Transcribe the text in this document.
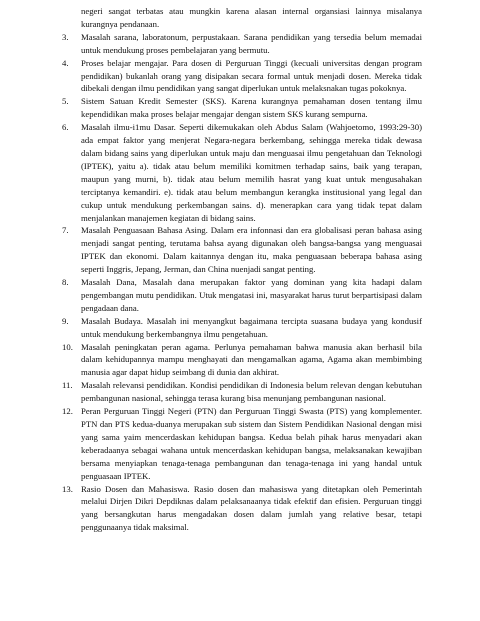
negeri sangat terbatas atau mungkin karena alasan internal organsiasi lainnya misalanya kurangnya pendanaan.
3. Masalah sarana, laboratonum, perpustakaan. Sarana pendidikan yang tersedia belum memadai untuk mendukung proses pembelajaran yang bermutu.
4. Proses belajar mengajar. Para dosen di Perguruan Tinggi (kecuali universitas dengan program pendidikan) bukanlah orang yang disipakan secara formal untuk menjadi dosen. Mereka tidak dibekali dengan ilmu pendidikan yang sangat diperlukan untuk melaksnakan tugas pokoknya.
5. Sistem Satuan Kredit Semester (SKS). Karena kurangnya pemahaman dosen tentang ilmu kependidikan maka proses belajar mengajar dengan sistem SKS kurang sempurna.
6. Masalah ilmu-i1mu Dasar. Seperti dikemukakan oleh Abdus Salam (Wahjoetomo, 1993:29-30) ada empat faktor yang menjerat Negara-negara berkembang, sehingga mereka tidak dewasa dalam bidang sains yang diperlukan untuk maju dan menguasai ilmu pengetahuan dan Teknologi (IPTEK), yaitu a). tidak atau belum memiliki komitmen terhadap sains, baik yang terapan, maupun yang murni, b). tidak atau belum memilih hasrat yang kuat untuk mengusahakan terciptanya kemandiri. e). tidak atau belum membangun kerangka institusional yang legal dan cukup untuk mendukung perkembangan sains. d). menerapkan cara yang tidak tepat dalam menjalankan manajemen kegiatan di bidang sains.
7. Masalah Penguasaan Bahasa Asing. Dalam era infonnasi dan era globalisasi peran bahasa asing menjadi sangat penting, terutama bahsa ayang digunakan oleh bangsa-bangsa yang menguasai IPTEK dan ekonomi. Dalam kaitannya dengan itu, maka penguasaan beberapa bahasa asing seperti Inggris, Jepang, Jerman, dan China nuenjadi sangat penting.
8. Masalah Dana, Masalah dana merupakan faktor yang dominan yang kita hadapi dalam pengembangan mutu pendidikan. Utuk mengatasi ini, masyarakat harus turut berpartisipasi dalam pengadaan dana.
9. Masalah Budaya. Masalah ini menyangkut bagaimana tercipta suasana budaya yang kondusif untuk mendukung berkembangnya ilmu pengetahuan.
10. Masalah peningkatan peran agama. Perlunya pemahaman bahwa manusia akan berhasil bila dalam kehidupannya mampu menghayati dan mengamalkan agama, Agama akan membimbing manusia agar dapat hidup seimbang di dunia dan akhirat.
11. Masalah relevansi pendidikan. Kondisi pendidikan di Indonesia belum relevan dengan kebutuhan pembangunan nasional, sehingga terasa kurang bisa menunjang pembangunan nasional.
12. Peran Perguruan Tinggi Negeri (PTN) dan Perguruan Tinggi Swasta (PTS) yang komplementer. PTN dan PTS kedua-duanya merupakan sub sistem dan Sistem Pendidikan Nasional dengan misi yang sama yaim mencerdaskan kehidupan bangsa. Kedua belah pihak harus menyadari akan keberadaanya sebagai wahana untuk mencerdaskan kehidupan bangsa, melaksanakan kewajiban bersama menyiapkan tenaga-tenaga pembangunan dan tenaga-tenaga ini yang handal untuk penguasaan IPTEK.
13. Rasio Dosen dan Mahasiswa. Rasio dosen dan mahasiswa yang ditetapkan oleh Pemerintah melalui Dirjen Dikri Depdiknas dalam pelaksanaanya tidak efektif dan efisien. Perguruan tinggi yang bersangkutan harus mengadakan dosen dalam jumlah yang relative besar, tetapi penggunaanya tidak maksimal.
